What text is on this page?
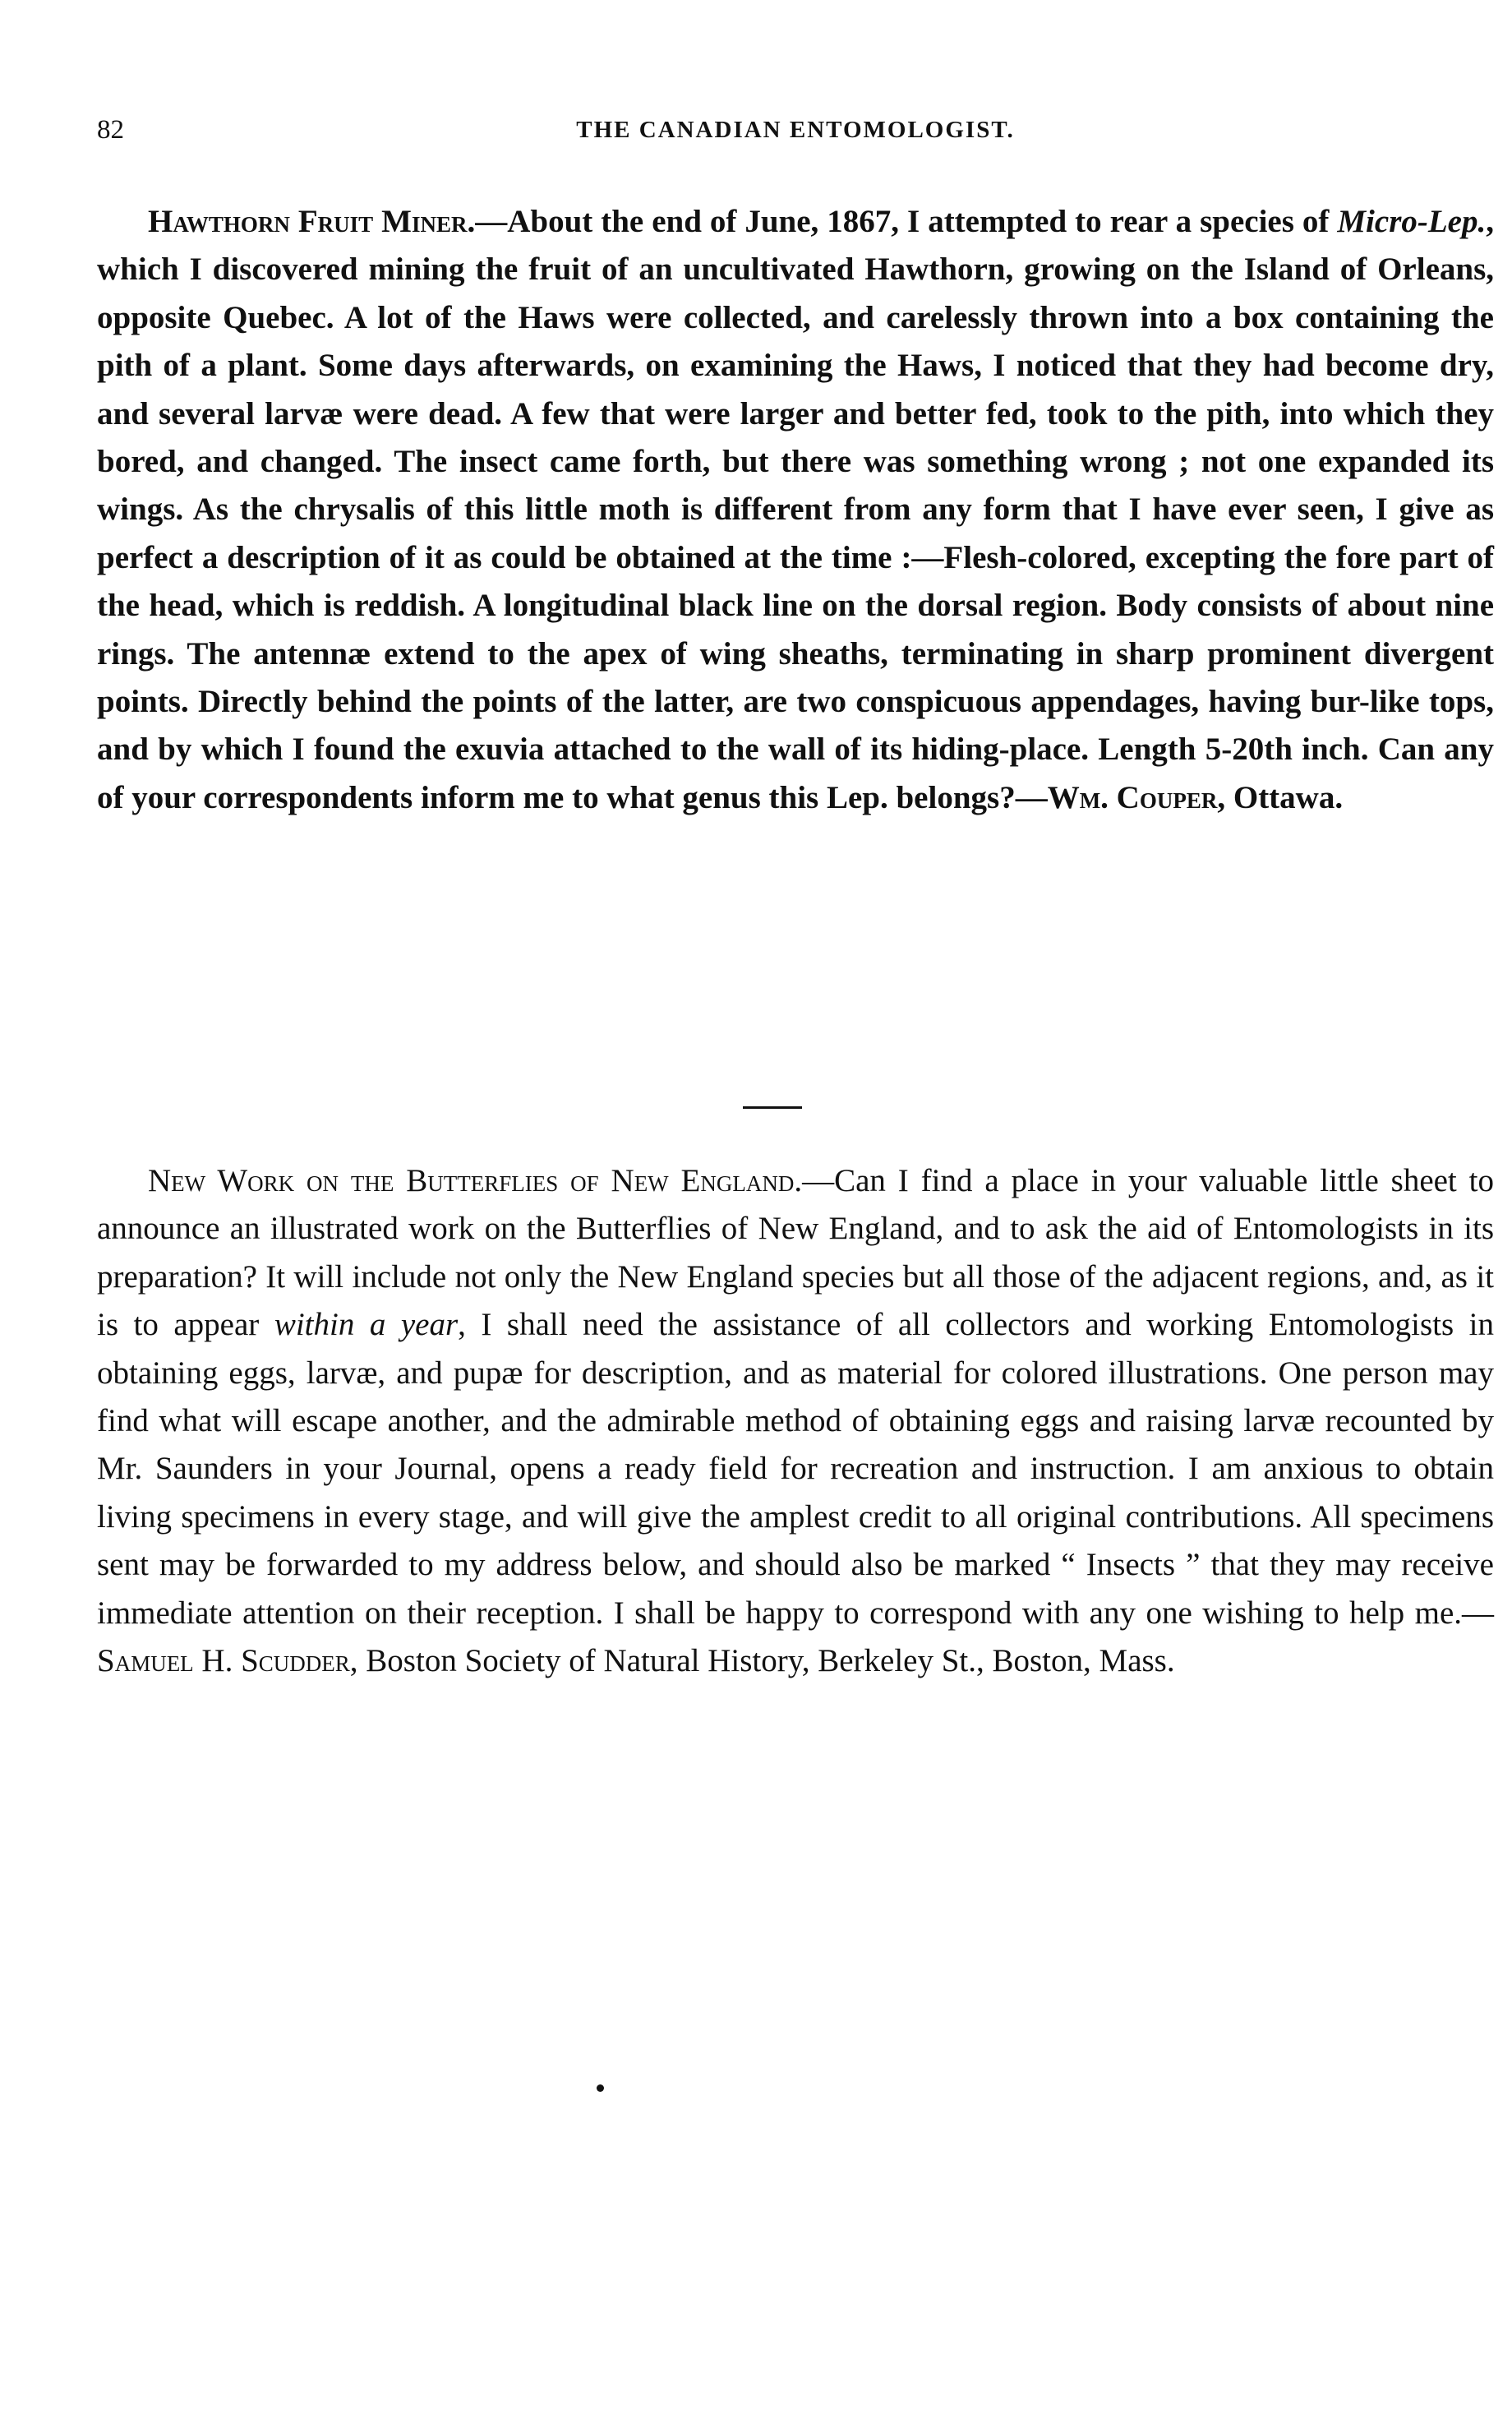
82	THE CANADIAN ENTOMOLOGIST.

Hawthorn Fruit Miner.—About the end of June, 1867, I attempted to rear a species of Micro-Lep., which I discovered mining the fruit of an uncultivated Hawthorn, growing on the Island of Orleans, opposite Quebec. A lot of the Haws were collected, and carelessly thrown into a box containing the pith of a plant. Some days afterwards, on examining the Haws, I noticed that they had become dry, and several larvæ were dead. A few that were larger and better fed, took to the pith, into which they bored, and changed. The insect came forth, but there was something wrong ; not one expanded its wings. As the chrysalis of this little moth is different from any form that I have ever seen, I give as perfect a description of it as could be obtained at the time :—Flesh-colored, excepting the fore part of the head, which is reddish. A longitudinal black line on the dorsal region. Body consists of about nine rings. The antennæ extend to the apex of wing sheaths, terminating in sharp prominent divergent points. Directly behind the points of the latter, are two conspicuous appendages, having bur-like tops, and by which I found the exuvia attached to the wall of its hiding-place. Length 5-20th inch. Can any of your correspondents inform me to what genus this Lep. belongs?—Wm. Couper, Ottawa.

New Work on the Butterflies of New England.—Can I find a place in your valuable little sheet to announce an illustrated work on the Butterflies of New England, and to ask the aid of Entomologists in its preparation? It will include not only the New England species but all those of the adjacent regions, and, as it is to appear within a year, I shall need the assistance of all collectors and working Entomologists in obtaining eggs, larvæ, and pupæ for description, and as material for colored illustrations. One person may find what will escape another, and the admirable method of obtaining eggs and raising larvæ recounted by Mr. Saunders in your Journal, opens a ready field for recreation and instruction. I am anxious to obtain living specimens in every stage, and will give the amplest credit to all original contributions. All specimens sent may be forwarded to my address below, and should also be marked “ Insects ” that they may receive immediate attention on their reception. I shall be happy to correspond with any one wishing to help me.—Samuel H. Scudder, Boston Society of Natural History, Berkeley St., Boston, Mass.
